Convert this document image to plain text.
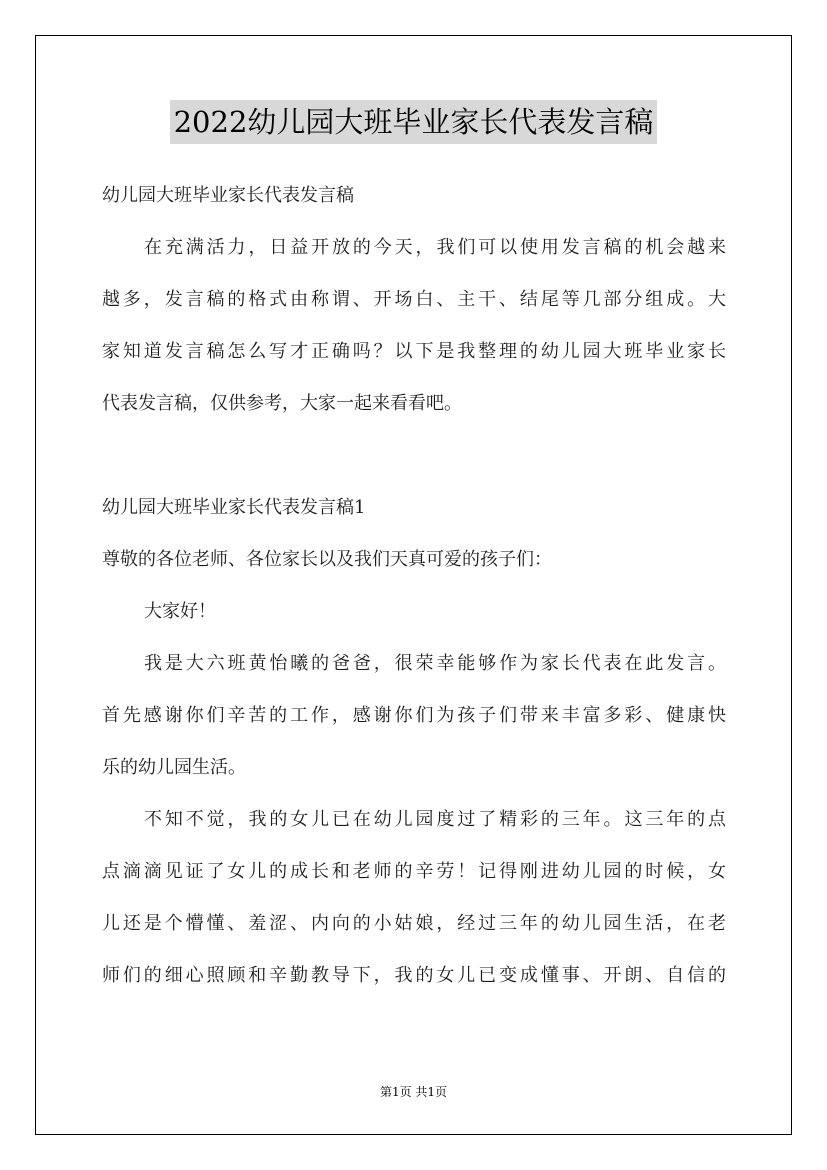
2022幼儿园大班毕业家长代表发言稿
幼儿园大班毕业家长代表发言稿
在充满活力，日益开放的今天，我们可以使用发言稿的机会越来
越多，发言稿的格式由称谓、开场白、主干、结尾等几部分组成。大
家知道发言稿怎么写才正确吗？以下是我整理的幼儿园大班毕业家长
代表发言稿，仅供参考，大家一起来看看吧。
幼儿园大班毕业家长代表发言稿1
尊敬的各位老师、各位家长以及我们天真可爱的孩子们：
大家好！
我是大六班黄怡曦的爸爸，很荣幸能够作为家长代表在此发言。
首先感谢你们辛苦的工作，感谢你们为孩子们带来丰富多彩、健康快
乐的幼儿园生活。
不知不觉，我的女儿已在幼儿园度过了精彩的三年。这三年的点
点滴滴见证了女儿的成长和老师的辛劳！记得刚进幼儿园的时候，女
儿还是个懵懂、羞涩、内向的小姑娘，经过三年的幼儿园生活，在老
师们的细心照顾和辛勤教导下，我的女儿已变成懂事、开朗、自信的
第1页 共1页
